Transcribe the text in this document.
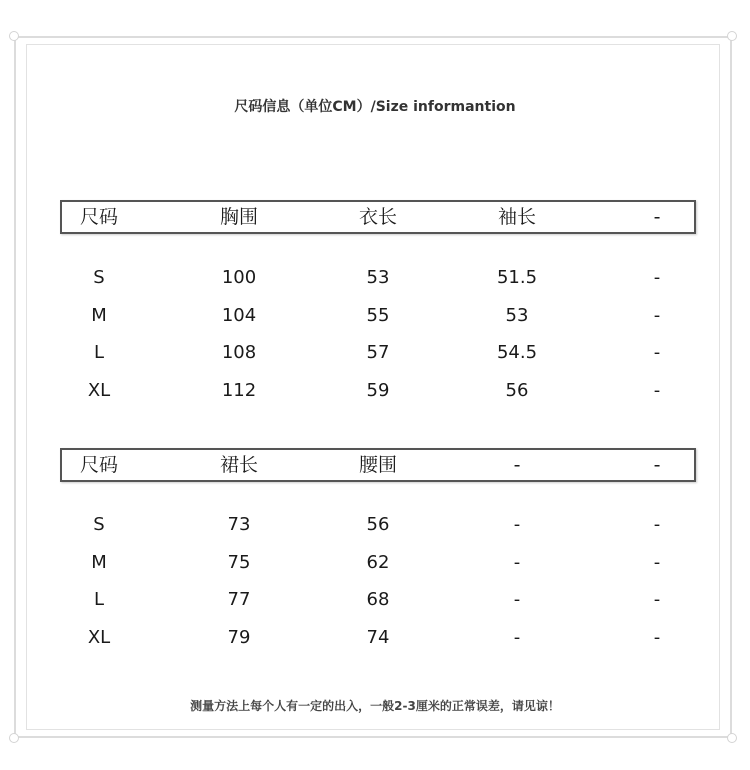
尺码信息（单位CM）/Size informantion
尺码	胸围	衣长	袖长	-
S	100	53	51.5	-
M	104	55	53	-
L	108	57	54.5	-
XL	112	59	56	-
尺码	裙长	腰围	-	-
S	73	56	-	-
M	75	62	-	-
L	77	68	-	-
XL	79	74	-	-
测量方法上每个人有一定的出入，一般2-3厘米的正常误差，请见谅！
